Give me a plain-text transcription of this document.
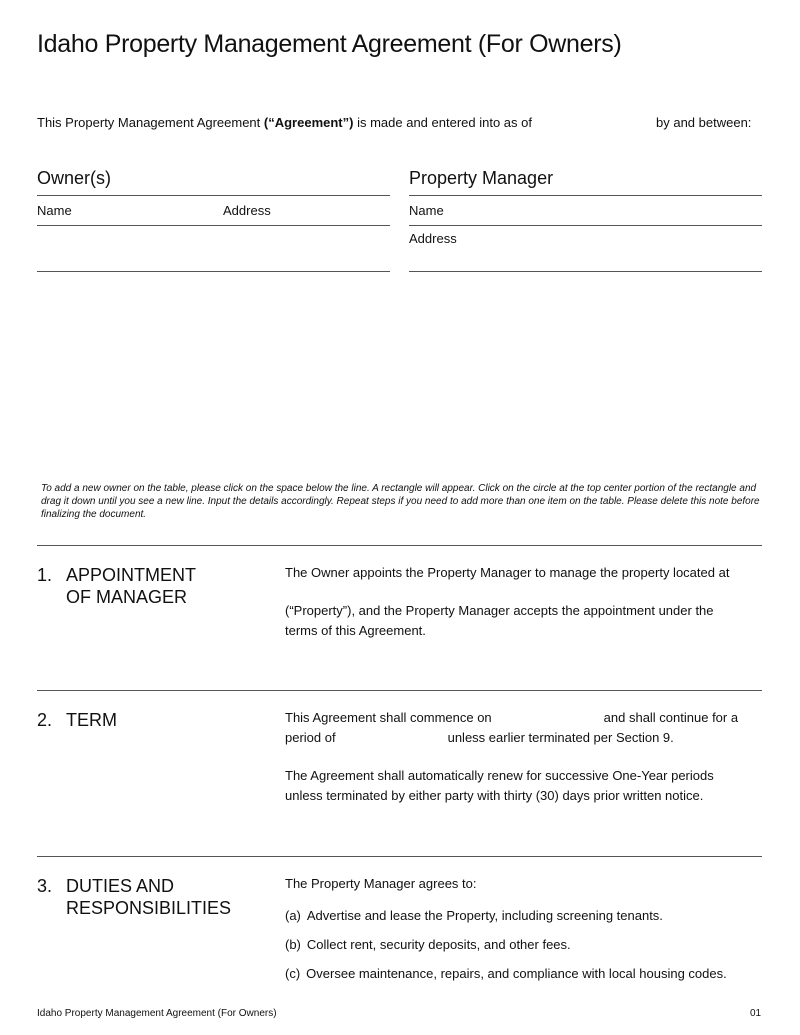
Idaho Property Management Agreement (For Owners)
This Property Management Agreement (“Agreement”) is made and entered into as of	by and between:
Owner(s)	Property Manager
Name	Address	Name
Address
To add a new owner on the table, please click on the space below the line. A rectangle will appear. Click on the circle at the top center portion of the rectangle and drag it down until you see a new line. Input the details accordingly. Repeat steps if you need to add more than one item on the table. Please delete this note before finalizing the document.
1. APPOINTMENT
OF MANAGER
The Owner appoints the Property Manager to manage the property located at
(“Property”), and the Property Manager accepts the appointment under the
terms of this Agreement.
2. TERM	This Agreement shall commence on	and shall continue for a
period of	unless earlier terminated per Section 9.
The Agreement shall automatically renew for successive One-Year periods
unless terminated by either party with thirty (30) days prior written notice.
3. DUTIES AND
RESPONSIBILITIES
The Property Manager agrees to:
(a) Advertise and lease the Property, including screening tenants.
(b) Collect rent, security deposits, and other fees.
(c) Oversee maintenance, repairs, and compliance with local housing codes.
Idaho Property Management Agreement (For Owners)	01
